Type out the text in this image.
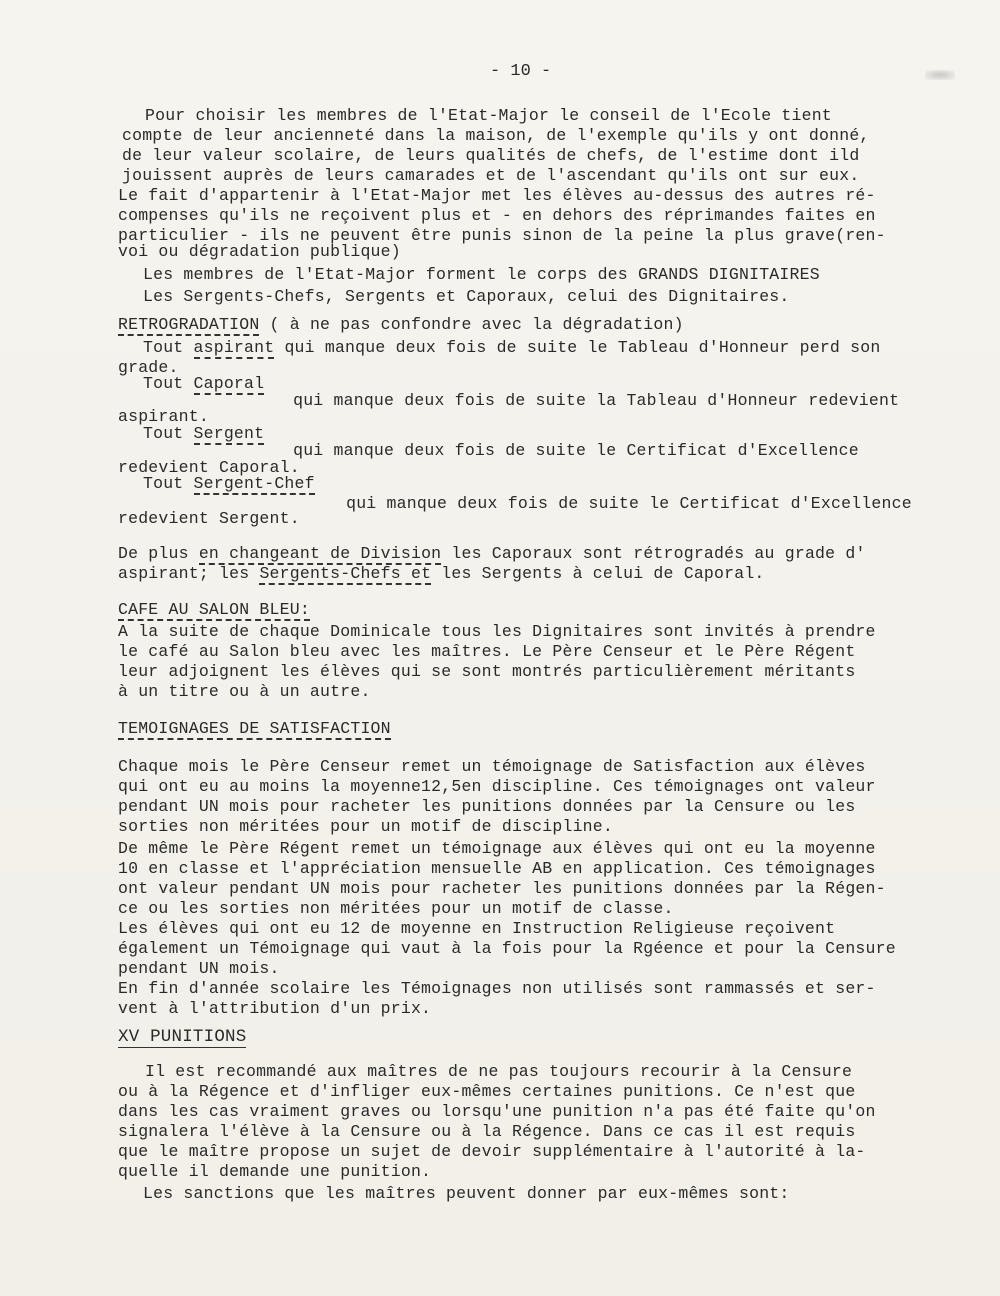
- 10 -
Pour choisir les membres de l'Etat-Major le conseil de l'Ecole tient
compte de leur ancienneté dans la maison, de l'exemple qu'ils y ont donné,
de leur valeur scolaire, de leurs qualités de chefs, de l'estime dont ild
jouissent auprès de leurs camarades et de l'ascendant qu'ils ont sur eux.
Le fait d'appartenir à l'Etat-Major met les élèves au-dessus des autres ré-
compenses qu'ils ne reçoivent plus et - en dehors des réprimandes faites en
particulier - ils ne peuvent être punis sinon de la peine la plus grave(ren-
voi ou dégradation publique)
Les membres de l'Etat-Major forment le corps des GRANDS DIGNITAIRES
Les Sergents-Chefs, Sergents et Caporaux, celui des Dignitaires.
RETROGRADATION ( à ne pas confondre avec la dégradation)
Tout aspirant qui manque deux fois de suite le Tableau d'Honneur perd son
grade.
Tout Caporal
qui manque deux fois de suite la Tableau d'Honneur redevient
aspirant.
Tout Sergent
qui manque deux fois de suite le Certificat d'Excellence
redevient Caporal.
Tout Sergent-Chef
qui manque deux fois de suite le Certificat d'Excellence
redevient Sergent.
De plus en changeant de Division les Caporaux sont rétrogradés au grade d'
aspirant; les Sergents-Chefs et les Sergents à celui de Caporal.
CAFE AU SALON BLEU:
A la suite de chaque Dominicale tous les Dignitaires sont invités à prendre
le café au Salon bleu avec les maîtres. Le Père Censeur et le Père Régent
leur adjoignent les élèves qui se sont montrés particulièrement méritants
à un titre ou à un autre.
TEMOIGNAGES DE SATISFACTION
Chaque mois le Père Censeur remet un témoignage de Satisfaction aux élèves
qui ont eu au moins la moyenne12,5en discipline. Ces témoignages ont valeur
pendant UN mois pour racheter les punitions données par la Censure ou les
sorties non méritées pour un motif de discipline.
De même le Père Régent remet un témoignage aux élèves qui ont eu la moyenne
10 en classe et l'appréciation mensuelle AB en application. Ces témoignages
ont valeur pendant UN mois pour racheter les punitions données par la Régen-
ce ou les sorties non méritées pour un motif de classe.
Les élèves qui ont eu 12 de moyenne en Instruction Religieuse reçoivent
également un Témoignage qui vaut à la fois pour la Rgéence et pour la Censure
pendant UN mois.
En fin d'année scolaire les Témoignages non utilisés sont rammassés et ser-
vent à l'attribution d'un prix.
XV PUNITIONS
Il est recommandé aux maîtres de ne pas toujours recourir à la Censure
ou à la Régence et d'infliger eux-mêmes certaines punitions. Ce n'est que
dans les cas vraiment graves ou lorsqu'une punition n'a pas été faite qu'on
signalera l'élève à la Censure ou à la Régence. Dans ce cas il est requis
que le maître propose un sujet de devoir supplémentaire à l'autorité à la-
quelle il demande une punition.
Les sanctions que les maîtres peuvent donner par eux-mêmes sont:
